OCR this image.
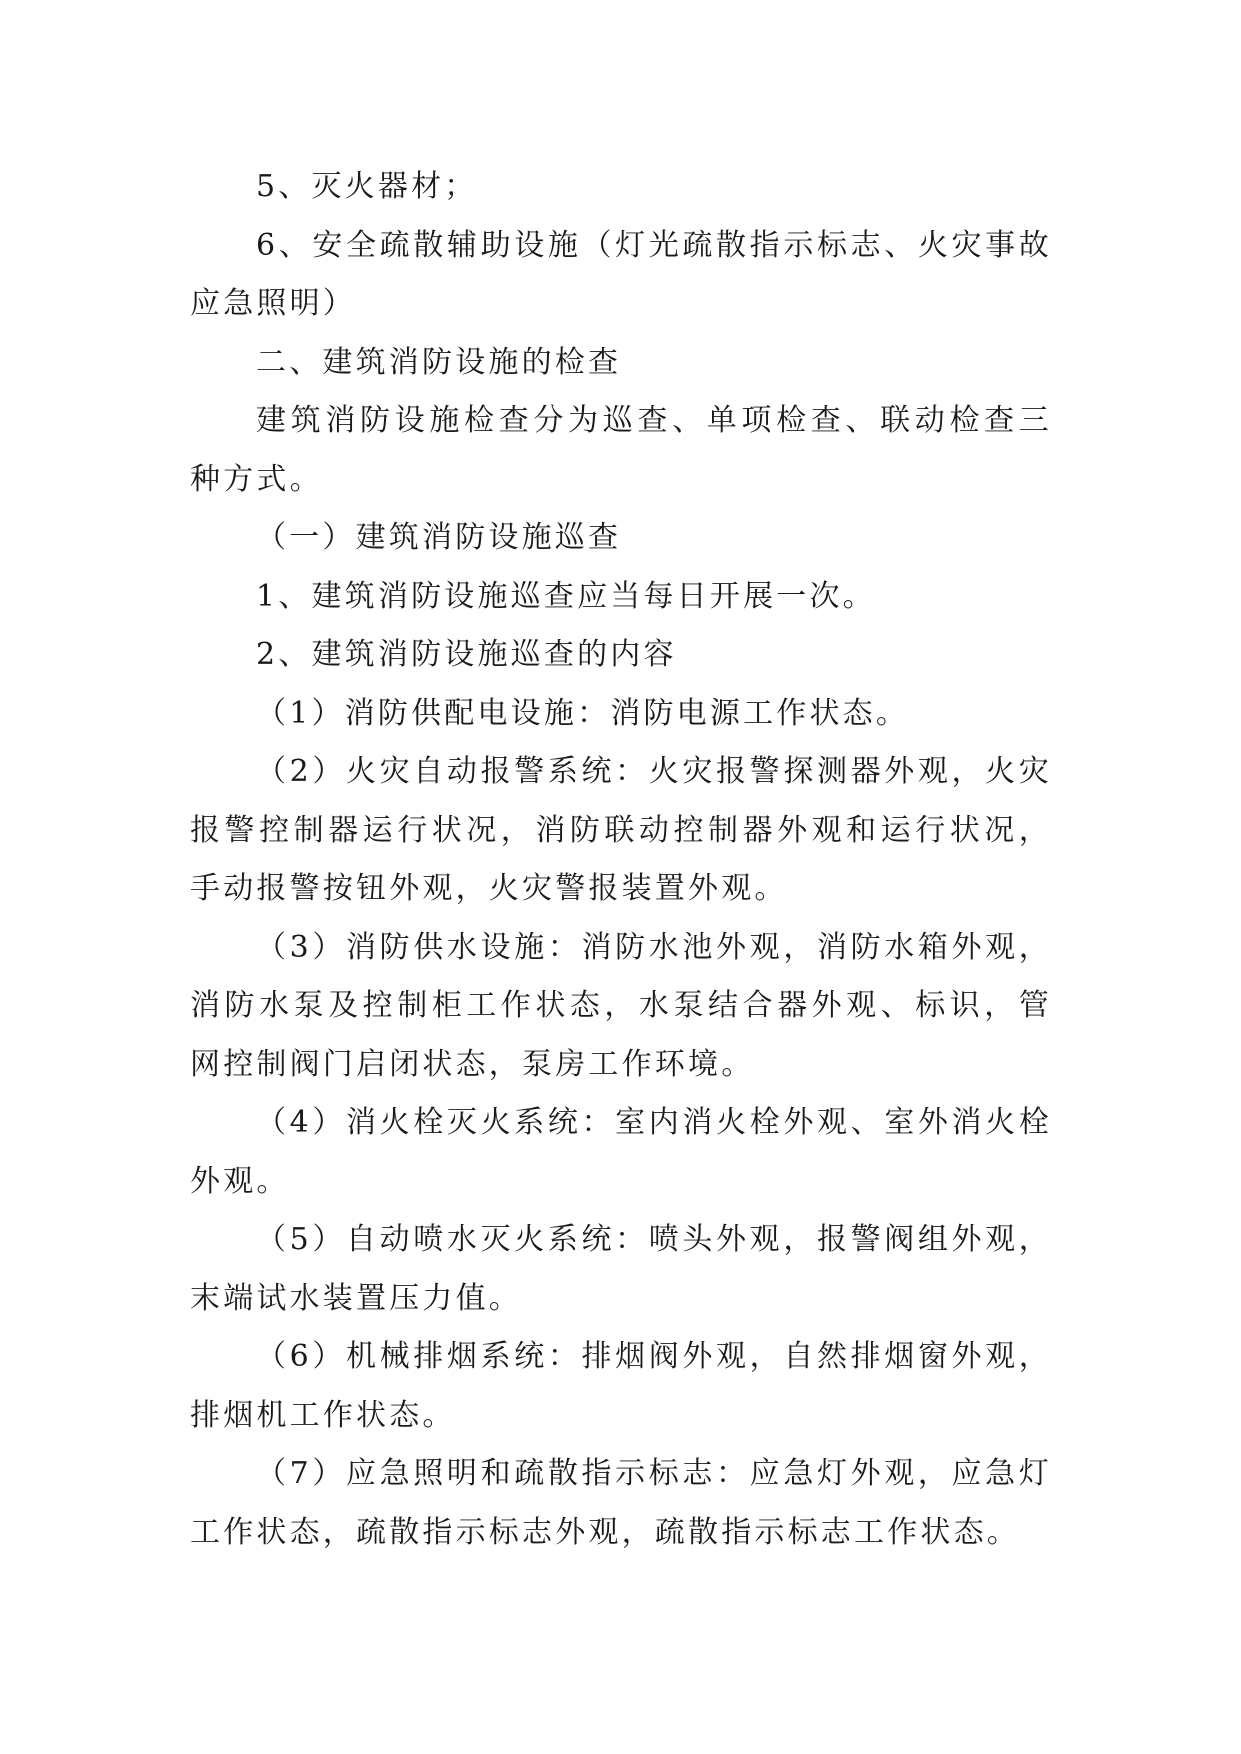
5、灭火器材；

6、安全疏散辅助设施（灯光疏散指示标志、火灾事故应急照明）

二、建筑消防设施的检查

建筑消防设施检查分为巡查、单项检查、联动检查三种方式。

（一）建筑消防设施巡查

1、建筑消防设施巡查应当每日开展一次。

2、建筑消防设施巡查的内容

（1）消防供配电设施：消防电源工作状态。

（2）火灾自动报警系统：火灾报警探测器外观，火灾报警控制器运行状况，消防联动控制器外观和运行状况，手动报警按钮外观，火灾警报装置外观。

（3）消防供水设施：消防水池外观，消防水箱外观，消防水泵及控制柜工作状态，水泵结合器外观、标识，管网控制阀门启闭状态，泵房工作环境。

（4）消火栓灭火系统：室内消火栓外观、室外消火栓外观。

（5）自动喷水灭火系统：喷头外观，报警阀组外观，末端试水装置压力值。

（6）机械排烟系统：排烟阀外观，自然排烟窗外观，排烟机工作状态。

（7）应急照明和疏散指示标志：应急灯外观，应急灯工作状态，疏散指示标志外观，疏散指示标志工作状态。
